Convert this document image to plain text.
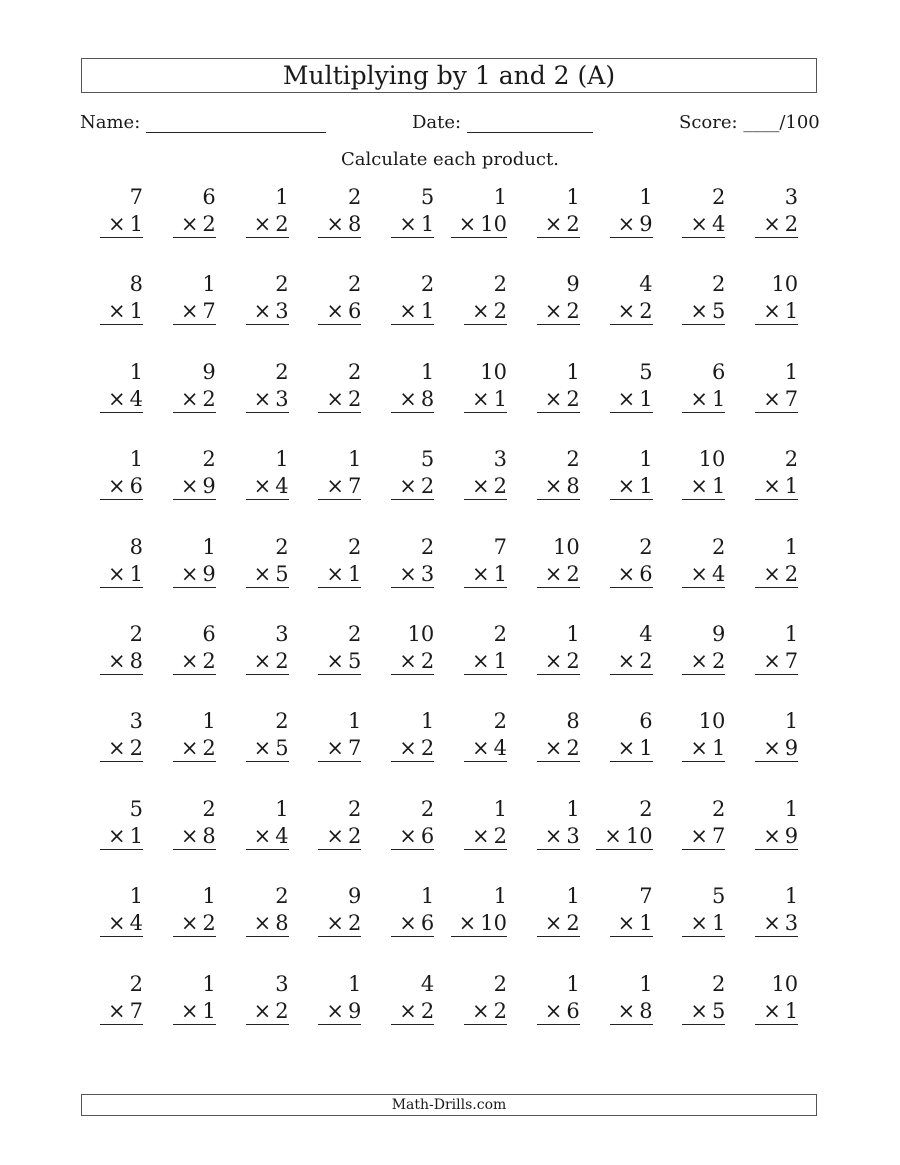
Multiplying by 1 and 2 (A)
Name:	Date:	Score: ____/100
Calculate each product.
7
× 1
6
× 2
1
× 2
2
× 8
5
× 1
1
× 10
1
× 2
1
× 9
2
× 4
3
× 2
8
× 1
1
× 7
2
× 3
2
× 6
2
× 1
2
× 2
9
× 2
4
× 2
2
× 5
10
× 1
1
× 4
9
× 2
2
× 3
2
× 2
1
× 8
10
× 1
1
× 2
5
× 1
6
× 1
1
× 7
1
× 6
2
× 9
1
× 4
1
× 7
5
× 2
3
× 2
2
× 8
1
× 1
10
× 1
2
× 1
8
× 1
1
× 9
2
× 5
2
× 1
2
× 3
7
× 1
10
× 2
2
× 6
2
× 4
1
× 2
2
× 8
6
× 2
3
× 2
2
× 5
10
× 2
2
× 1
1
× 2
4
× 2
9
× 2
1
× 7
3
× 2
1
× 2
2
× 5
1
× 7
1
× 2
2
× 4
8
× 2
6
× 1
10
× 1
1
× 9
5
× 1
2
× 8
1
× 4
2
× 2
2
× 6
1
× 2
1
× 3
2
× 10
2
× 7
1
× 9
1
× 4
1
× 2
2
× 8
9
× 2
1
× 6
1
× 10
1
× 2
7
× 1
5
× 1
1
× 3
2
× 7
1
× 1
3
× 2
1
× 9
4
× 2
2
× 2
1
× 6
1
× 8
2
× 5
10
× 1
Math-Drills.com
